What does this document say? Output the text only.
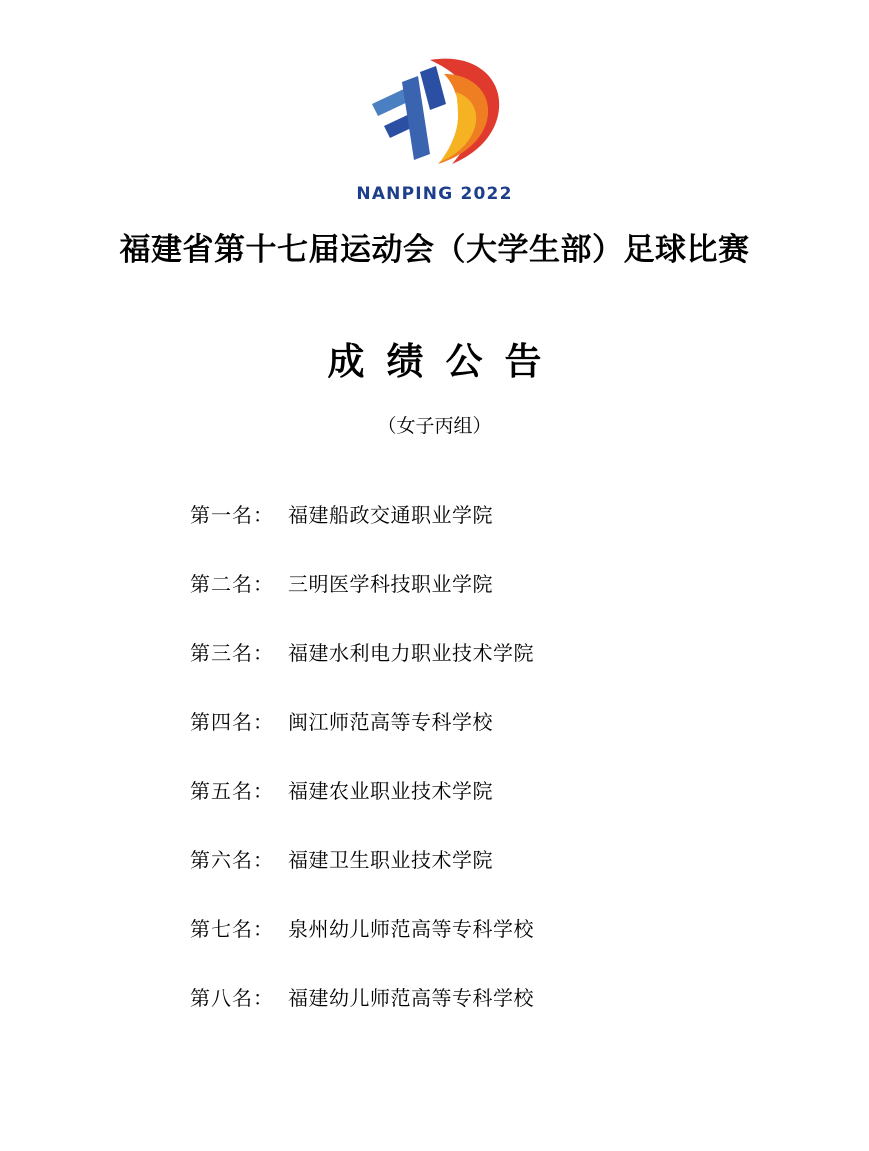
NANPING 2022
福建省第十七届运动会（大学生部）足球比赛
成绩公告
（女子丙组）
第一名： 福建船政交通职业学院
第二名： 三明医学科技职业学院
第三名： 福建水利电力职业技术学院
第四名： 闽江师范高等专科学校
第五名： 福建农业职业技术学院
第六名： 福建卫生职业技术学院
第七名： 泉州幼儿师范高等专科学校
第八名： 福建幼儿师范高等专科学校
